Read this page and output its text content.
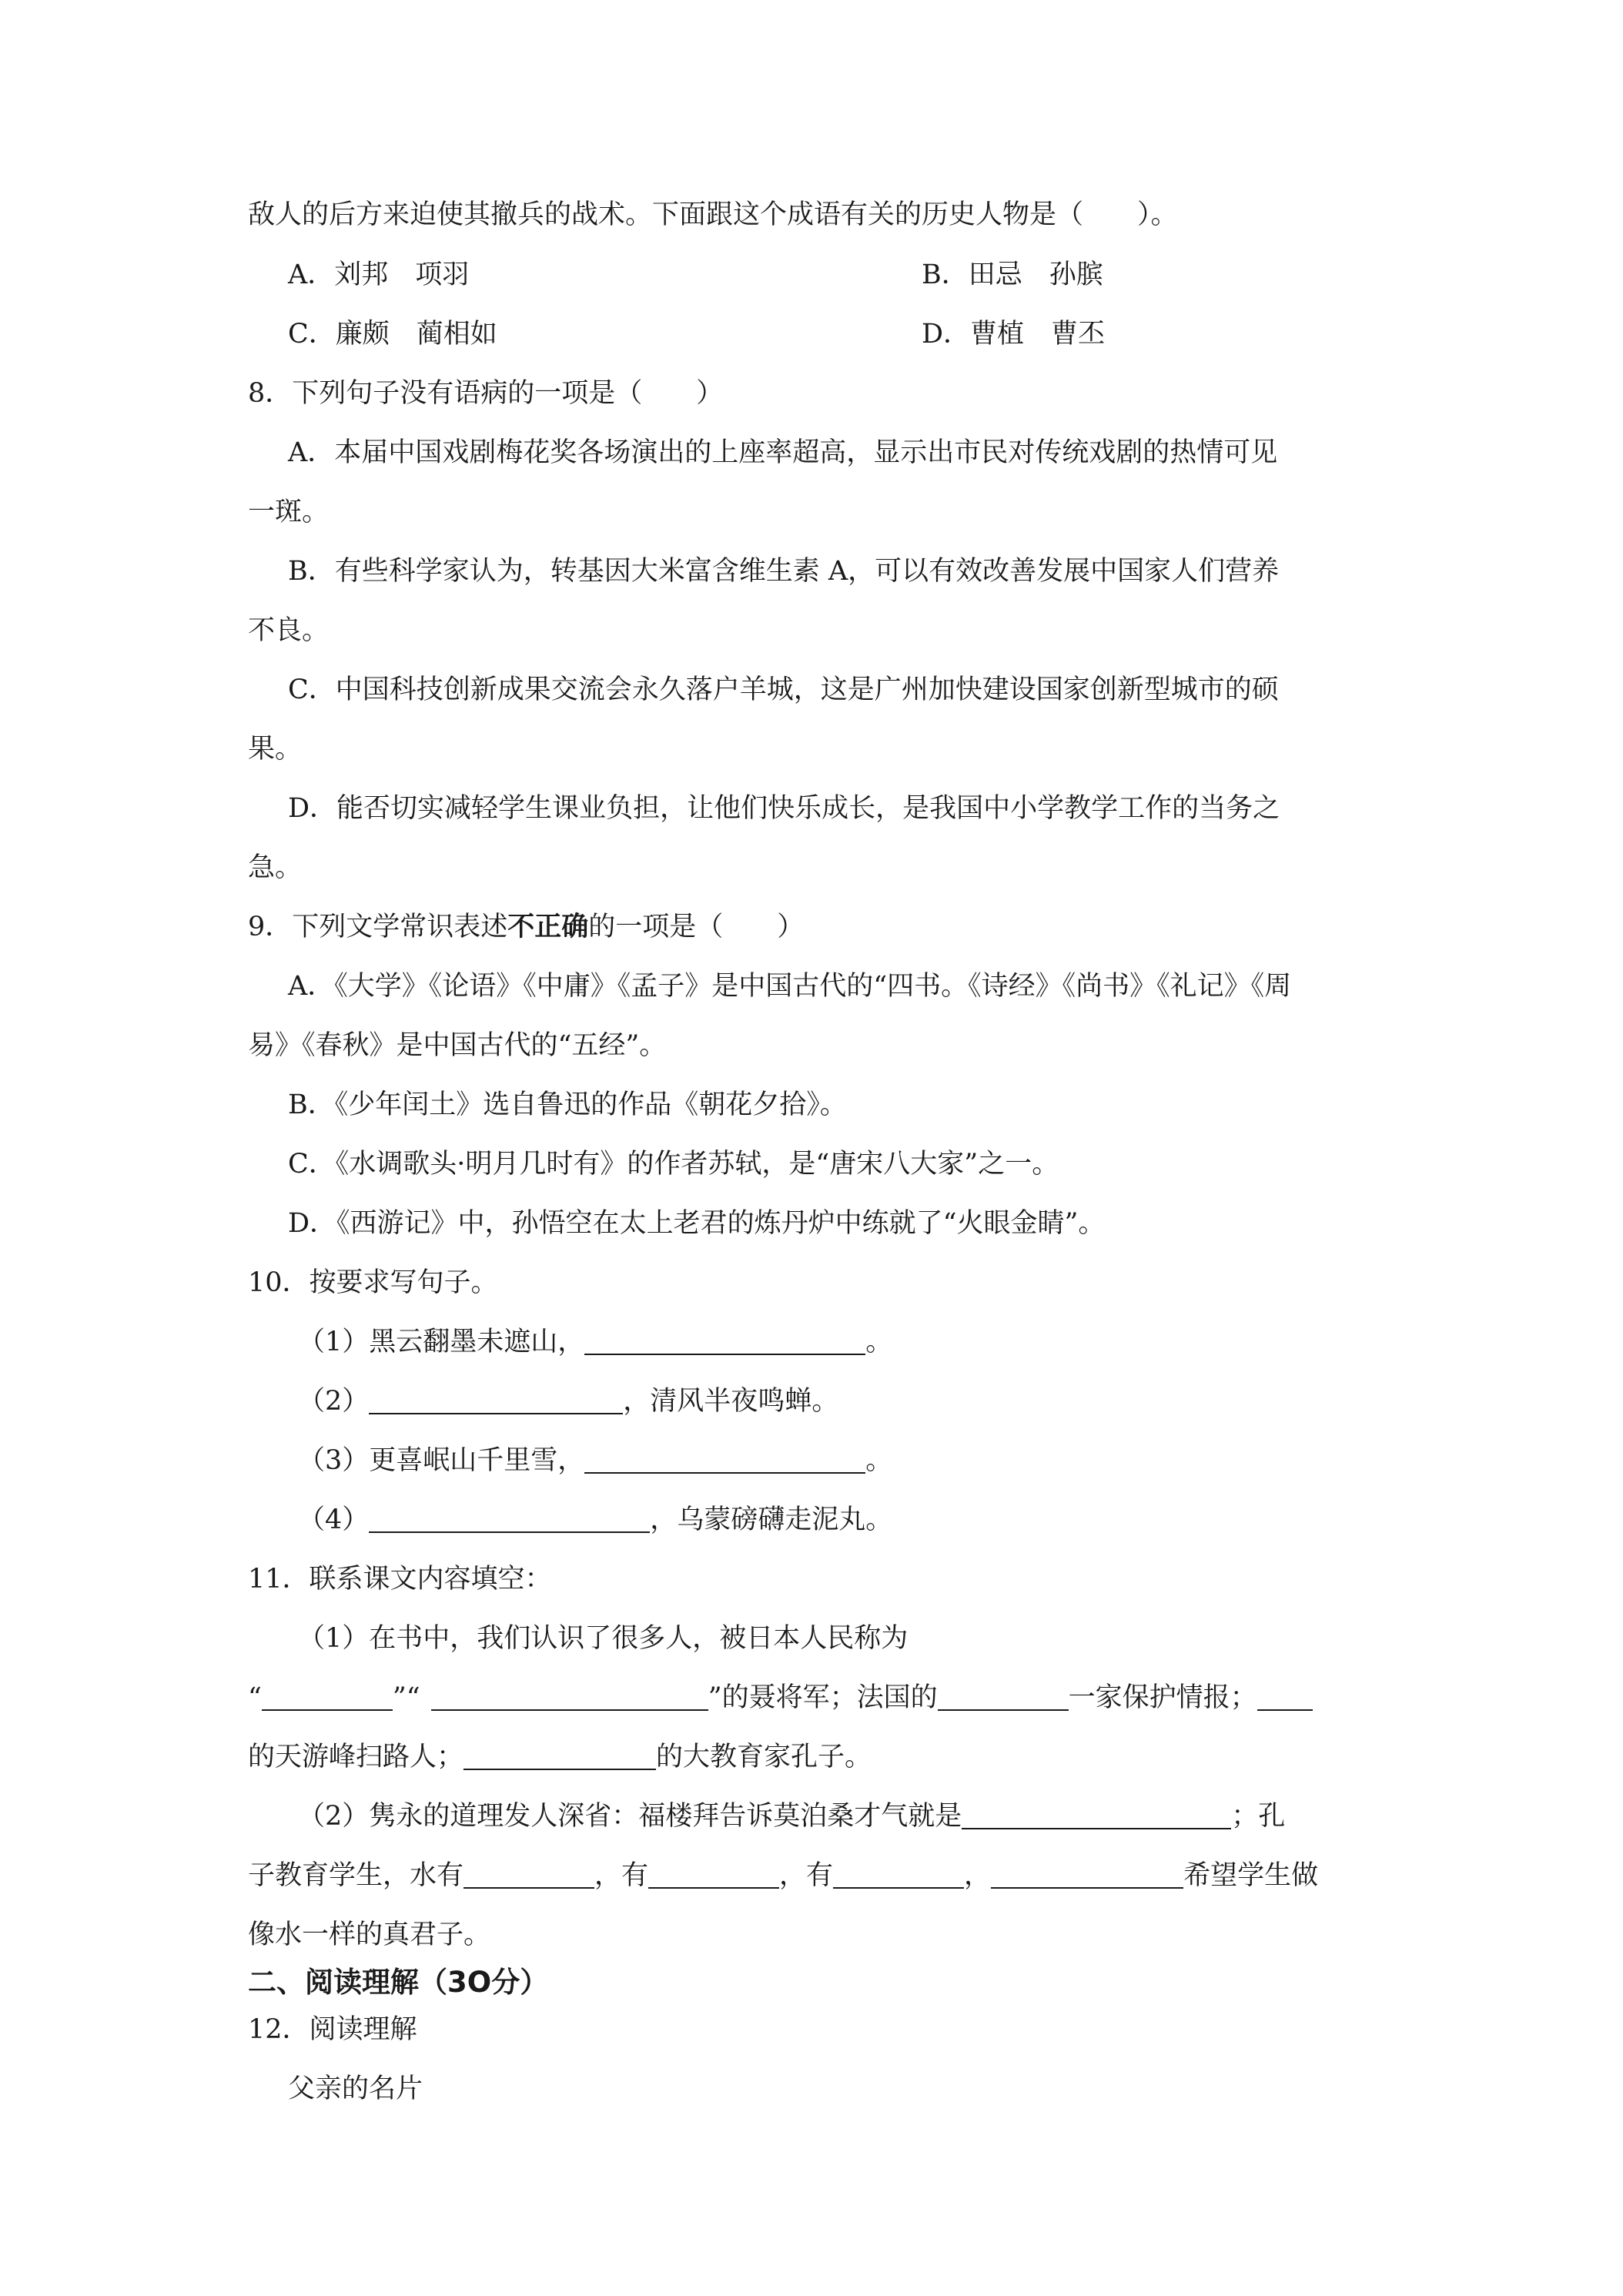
敌人的后方来迫使其撤兵的战术。下面跟这个成语有关的历史人物是（　　）。
A．刘邦　项羽	B．田忌　孙膑
C．廉颇　蔺相如	D．曹植　曹丕
8．下列句子没有语病的一项是（　　）
A．本届中国戏剧梅花奖各场演出的上座率超高，显示出市民对传统戏剧的热情可见
一斑。
B．有些科学家认为，转基因大米富含维生素 A，可以有效改善发展中国家人们营养
不良。
C．中国科技创新成果交流会永久落户羊城，这是广州加快建设国家创新型城市的硕
果。
D．能否切实减轻学生课业负担，让他们快乐成长，是我国中小学教学工作的当务之
急。
9．下列文学常识表述不正确的一项是（　　）
A．《大学》《论语》《中庸》《孟子》是中国古代的“四书。《诗经》《尚书》《礼记》《周
易》《春秋》是中国古代的“五经”。
B．《少年闰土》选自鲁迅的作品《朝花夕拾》。
C．《水调歌头·明月几时有》的作者苏轼，是“唐宋八大家”之一。
D．《西游记》中，孙悟空在太上老君的炼丹炉中练就了“火眼金睛”。
10．按要求写句子。
（1）黑云翻墨未遮山，	。
（2）	，清风半夜鸣蝉。
（3）更喜岷山千里雪，	。
（4）	，乌蒙磅礴走泥丸。
11．联系课文内容填空：
（1）在书中，我们认识了很多人，被日本人民称为
“	”“	”的聂将军；法国的	一家保护情报；
的天游峰扫路人；	的大教育家孔子。
（2）隽永的道理发人深省：福楼拜告诉莫泊桑才气就是	；孔
子教育学生，水有	，有	，有	，	希望学生做
像水一样的真君子。
二、阅读理解（3O分）
12．阅读理解
父亲的名片
